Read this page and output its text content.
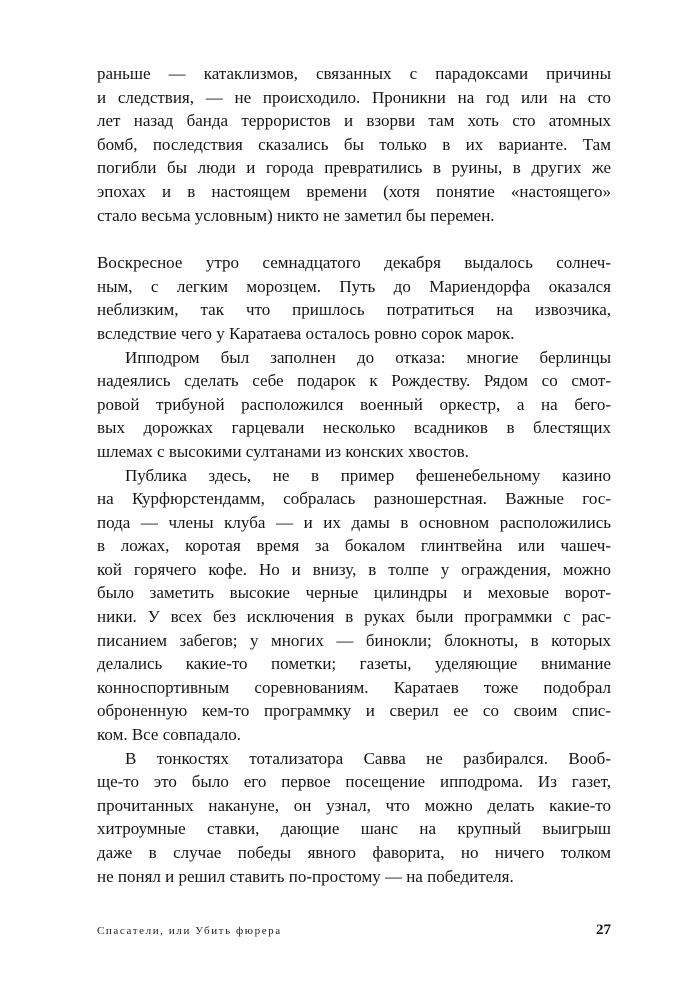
раньше — катаклизмов, связанных с парадоксами причины
и следствия, — не происходило. Проникни на год или на сто
лет назад банда террористов и взорви там хоть сто атомных
бомб, последствия сказались бы только в их варианте. Там
погибли бы люди и города превратились в руины, в других же
эпохах и в настоящем времени (хотя понятие «настоящего»
стало весьма условным) никто не заметил бы перемен.
Воскресное утро семнадцатого декабря выдалось солнеч-
ным, с легким морозцем. Путь до Мариендорфа оказался
неблизким, так что пришлось потратиться на извозчика,
вследствие чего у Каратаева осталось ровно сорок марок.
Ипподром был заполнен до отказа: многие берлинцы
надеялись сделать себе подарок к Рождеству. Рядом со смот-
ровой трибуной расположился военный оркестр, а на бего-
вых дорожках гарцевали несколько всадников в блестящих
шлемах с высокими султанами из конских хвостов.
Публика здесь, не в пример фешенебельному казино
на Курфюрстендамм, собралась разношерстная. Важные гос-
пода — члены клуба — и их дамы в основном расположились
в ложах, коротая время за бокалом глинтвейна или чашеч-
кой горячего кофе. Но и внизу, в толпе у ограждения, можно
было заметить высокие черные цилиндры и меховые ворот-
ники. У всех без исключения в руках были программки с рас-
писанием забегов; у многих — бинокли; блокноты, в которых
делались какие-то пометки; газеты, уделяющие внимание
конноспортивным соревнованиям. Каратаев тоже подобрал
оброненную кем-то программку и сверил ее со своим спис-
ком. Все совпадало.
В тонкостях тотализатора Савва не разбирался. Вооб-
ще-то это было его первое посещение ипподрома. Из газет,
прочитанных накануне, он узнал, что можно делать какие-то
хитроумные ставки, дающие шанс на крупный выигрыш
даже в случае победы явного фаворита, но ничего толком
не понял и решил ставить по-простому — на победителя.
Спасатели, или Убить фюрера	27
